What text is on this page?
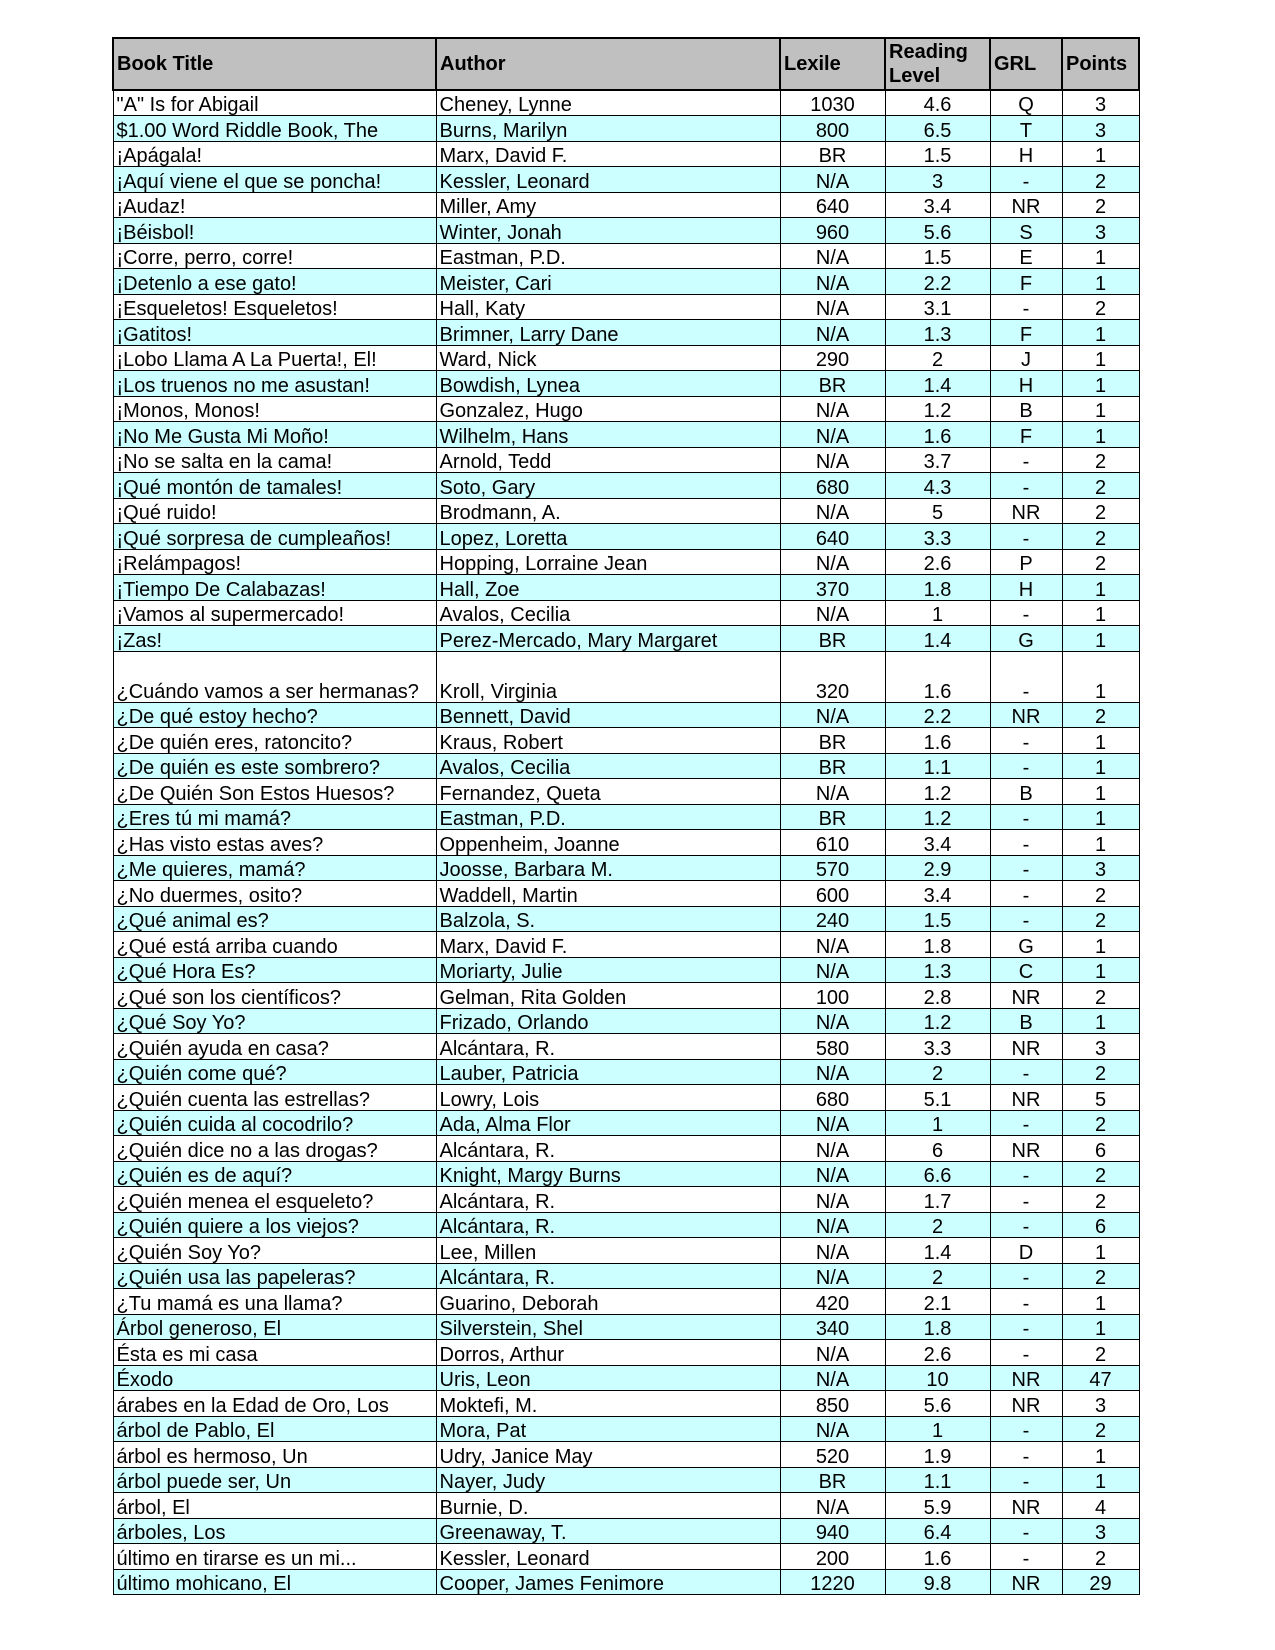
Book Title	Author	Lexile	Reading Level	GRL	Points
"A" Is for Abigail	Cheney, Lynne	1030	4.6	Q	3
$1.00 Word Riddle Book, The	Burns, Marilyn	800	6.5	T	3
¡Apágala!	Marx, David F.	BR	1.5	H	1
¡Aquí viene el que se poncha!	Kessler, Leonard	N/A	3	-	2
¡Audaz!	Miller, Amy	640	3.4	NR	2
¡Béisbol!	Winter, Jonah	960	5.6	S	3
¡Corre, perro, corre!	Eastman, P.D.	N/A	1.5	E	1
¡Detenlo a ese gato!	Meister, Cari	N/A	2.2	F	1
¡Esqueletos! Esqueletos!	Hall, Katy	N/A	3.1	-	2
¡Gatitos!	Brimner, Larry Dane	N/A	1.3	F	1
¡Lobo Llama A La Puerta!, El!	Ward, Nick	290	2	J	1
¡Los truenos no me asustan!	Bowdish, Lynea	BR	1.4	H	1
¡Monos, Monos!	Gonzalez, Hugo	N/A	1.2	B	1
¡No Me Gusta Mi Moño!	Wilhelm, Hans	N/A	1.6	F	1
¡No se salta en la cama!	Arnold, Tedd	N/A	3.7	-	2
¡Qué montón de tamales!	Soto, Gary	680	4.3	-	2
¡Qué ruido!	Brodmann, A.	N/A	5	NR	2
¡Qué sorpresa de cumpleaños!	Lopez, Loretta	640	3.3	-	2
¡Relámpagos!	Hopping, Lorraine Jean	N/A	2.6	P	2
¡Tiempo De Calabazas!	Hall, Zoe	370	1.8	H	1
¡Vamos al supermercado!	Avalos, Cecilia	N/A	1	-	1
¡Zas!	Perez-Mercado, Mary Margaret	BR	1.4	G	1
¿Cuándo vamos a ser hermanas?	Kroll, Virginia	320	1.6	-	1
¿De qué estoy hecho?	Bennett, David	N/A	2.2	NR	2
¿De quién eres, ratoncito?	Kraus, Robert	BR	1.6	-	1
¿De quién es este sombrero?	Avalos, Cecilia	BR	1.1	-	1
¿De Quién Son Estos Huesos?	Fernandez, Queta	N/A	1.2	B	1
¿Eres tú mi mamá?	Eastman, P.D.	BR	1.2	-	1
¿Has visto estas aves?	Oppenheim, Joanne	610	3.4	-	1
¿Me quieres, mamá?	Joosse, Barbara M.	570	2.9	-	3
¿No duermes, osito?	Waddell, Martin	600	3.4	-	2
¿Qué animal es?	Balzola, S.	240	1.5	-	2
¿Qué está arriba cuando	Marx, David F.	N/A	1.8	G	1
¿Qué Hora Es?	Moriarty, Julie	N/A	1.3	C	1
¿Qué son los científicos?	Gelman, Rita Golden	100	2.8	NR	2
¿Qué Soy Yo?	Frizado, Orlando	N/A	1.2	B	1
¿Quién ayuda en casa?	Alcántara, R.	580	3.3	NR	3
¿Quién come qué?	Lauber, Patricia	N/A	2	-	2
¿Quién cuenta las estrellas?	Lowry, Lois	680	5.1	NR	5
¿Quién cuida al cocodrilo?	Ada, Alma Flor	N/A	1	-	2
¿Quién dice no a las drogas?	Alcántara, R.	N/A	6	NR	6
¿Quién es de aquí?	Knight, Margy Burns	N/A	6.6	-	2
¿Quién menea el esqueleto?	Alcántara, R.	N/A	1.7	-	2
¿Quién quiere a los viejos?	Alcántara, R.	N/A	2	-	6
¿Quién Soy Yo?	Lee, Millen	N/A	1.4	D	1
¿Quién usa las papeleras?	Alcántara, R.	N/A	2	-	2
¿Tu mamá es una llama?	Guarino, Deborah	420	2.1	-	1
Árbol generoso, El	Silverstein, Shel	340	1.8	-	1
Ésta es mi casa	Dorros, Arthur	N/A	2.6	-	2
Éxodo	Uris, Leon	N/A	10	NR	47
árabes en la Edad de Oro, Los	Moktefi, M.	850	5.6	NR	3
árbol de Pablo, El	Mora, Pat	N/A	1	-	2
árbol es hermoso, Un	Udry, Janice May	520	1.9	-	1
árbol puede ser, Un	Nayer, Judy	BR	1.1	-	1
árbol, El	Burnie, D.	N/A	5.9	NR	4
árboles, Los	Greenaway, T.	940	6.4	-	3
último en tirarse es un mi...	Kessler, Leonard	200	1.6	-	2
último mohicano, El	Cooper, James Fenimore	1220	9.8	NR	29
